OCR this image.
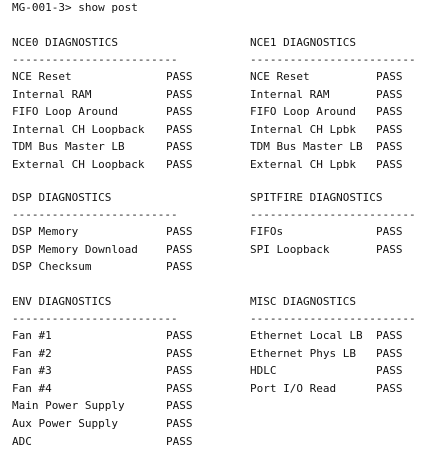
MG-001-3> show post
NCE0 DIAGNOSTICS
-------------------------
NCE Reset	PASS
Internal RAM	PASS
FIFO Loop Around	PASS
Internal CH Loopback PASS
TDM Bus Master LB	PASS
External CH Loopback PASS
NCE1 DIAGNOSTICS
-------------------------
NCE Reset	PASS
Internal RAM	PASS
FIFO Loop Around PASS
Internal CH Lpbk PASS
TDM Bus Master LB PASS
External CH Lpbk PASS
DSP DIAGNOSTICS
-------------------------
DSP Memory	PASS
DSP Memory Download	PASS
DSP Checksum	PASS
SPITFIRE DIAGNOSTICS
-------------------------
FIFOs	PASS
SPI Loopback	PASS
ENV DIAGNOSTICS
-------------------------
Fan #1	PASS
Fan #2	PASS
Fan #3	PASS
Fan #4	PASS
Main Power Supply	PASS
Aux Power Supply	PASS
ADC	PASS
MISC DIAGNOSTICS
-------------------------
Ethernet Local LB PASS
Ethernet Phys LB PASS
HDLC	PASS
Port I/O Read	PASS
